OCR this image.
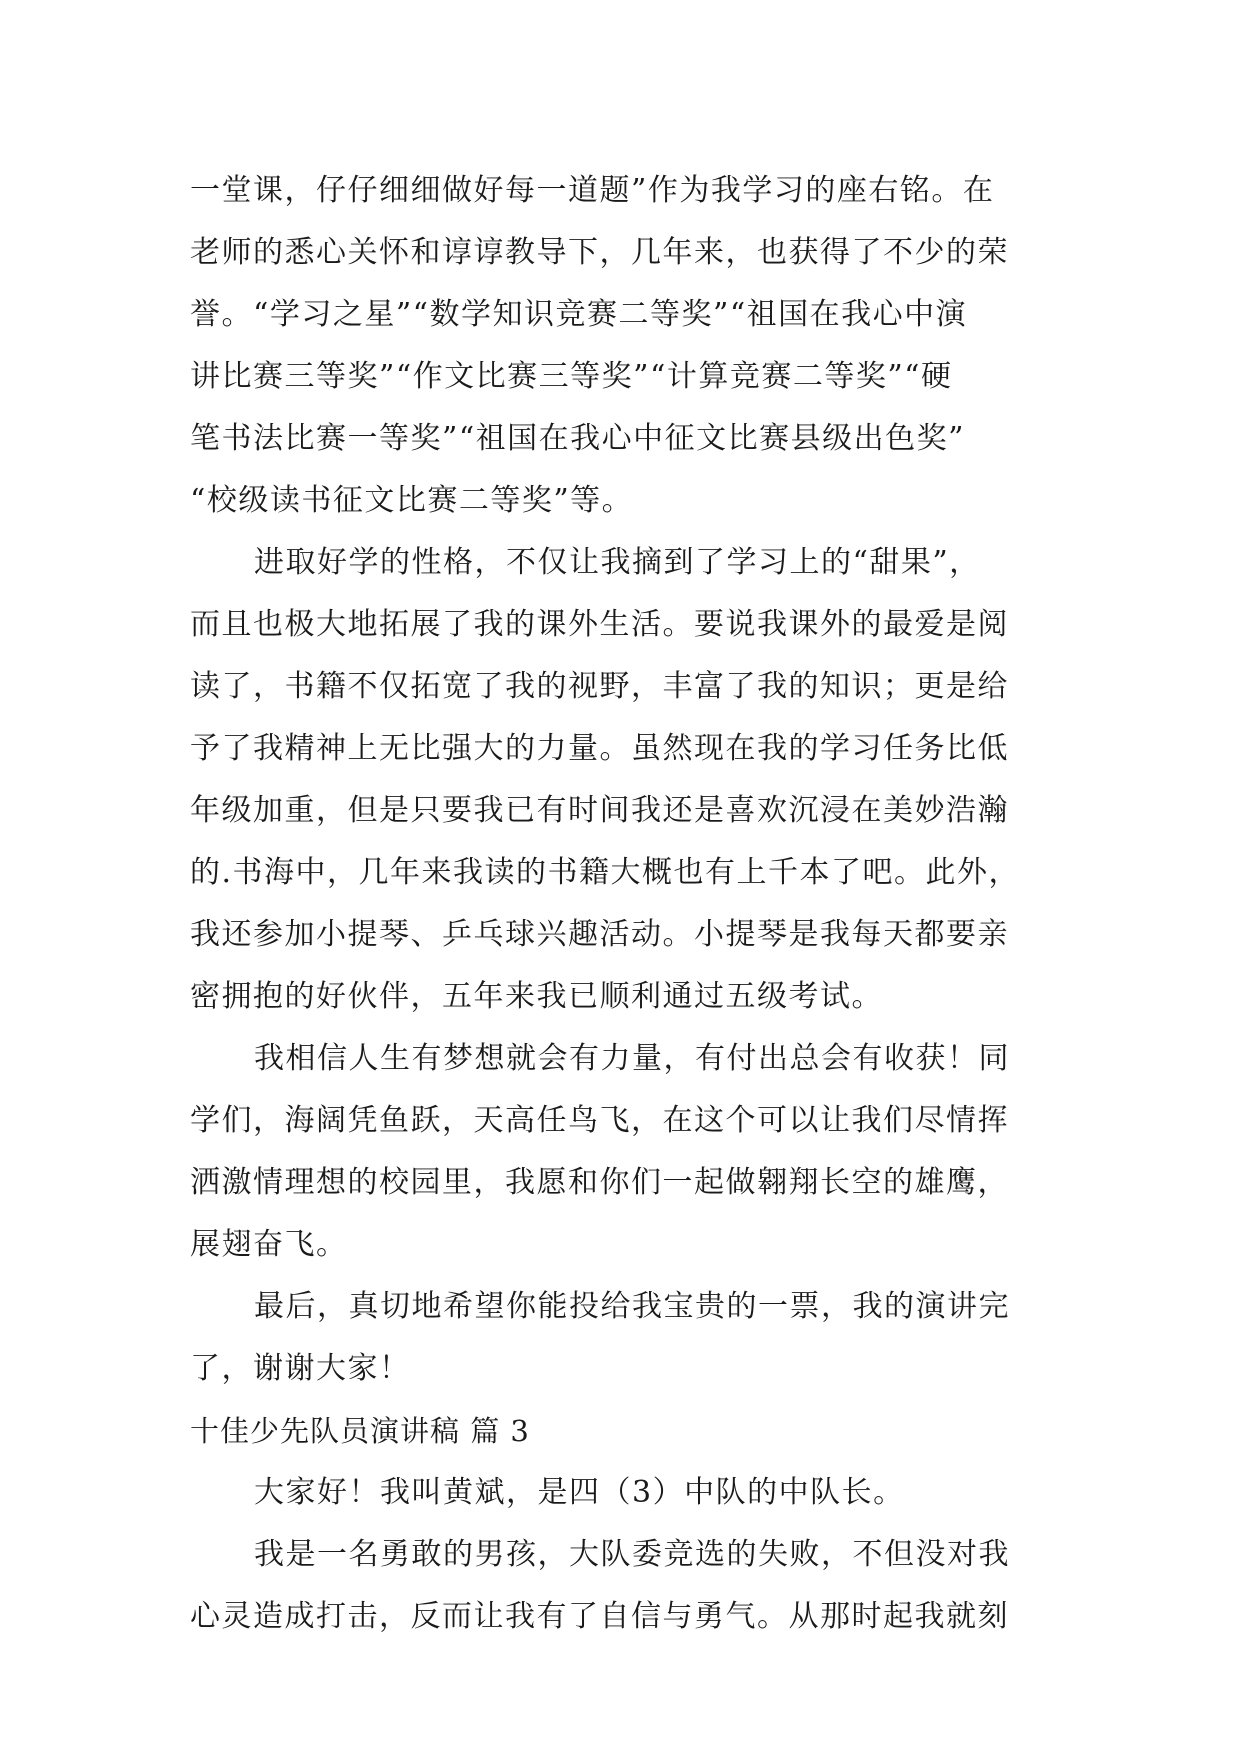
一堂课，仔仔细细做好每一道题”作为我学习的座右铭。在
老师的悉心关怀和谆谆教导下，几年来，也获得了不少的荣
誉。“学习之星”“数学知识竞赛二等奖”“祖国在我心中演
讲比赛三等奖”“作文比赛三等奖”“计算竞赛二等奖”“硬
笔书法比赛一等奖”“祖国在我心中征文比赛县级出色奖”
“校级读书征文比赛二等奖”等。
进取好学的性格，不仅让我摘到了学习上的“甜果”，
而且也极大地拓展了我的课外生活。要说我课外的最爱是阅
读了，书籍不仅拓宽了我的视野，丰富了我的知识；更是给
予了我精神上无比强大的力量。虽然现在我的学习任务比低
年级加重，但是只要我已有时间我还是喜欢沉浸在美妙浩瀚
的.书海中，几年来我读的书籍大概也有上千本了吧。此外，
我还参加小提琴、乒乓球兴趣活动。小提琴是我每天都要亲
密拥抱的好伙伴，五年来我已顺利通过五级考试。
我相信人生有梦想就会有力量，有付出总会有收获！同
学们，海阔凭鱼跃，天高任鸟飞，在这个可以让我们尽情挥
洒激情理想的校园里，我愿和你们一起做翱翔长空的雄鹰，
展翅奋飞。
最后，真切地希望你能投给我宝贵的一票，我的演讲完
了，谢谢大家！
十佳少先队员演讲稿 篇 3
大家好！我叫黄斌，是四（3）中队的中队长。
我是一名勇敢的男孩，大队委竞选的失败，不但没对我
心灵造成打击，反而让我有了自信与勇气。从那时起我就刻
